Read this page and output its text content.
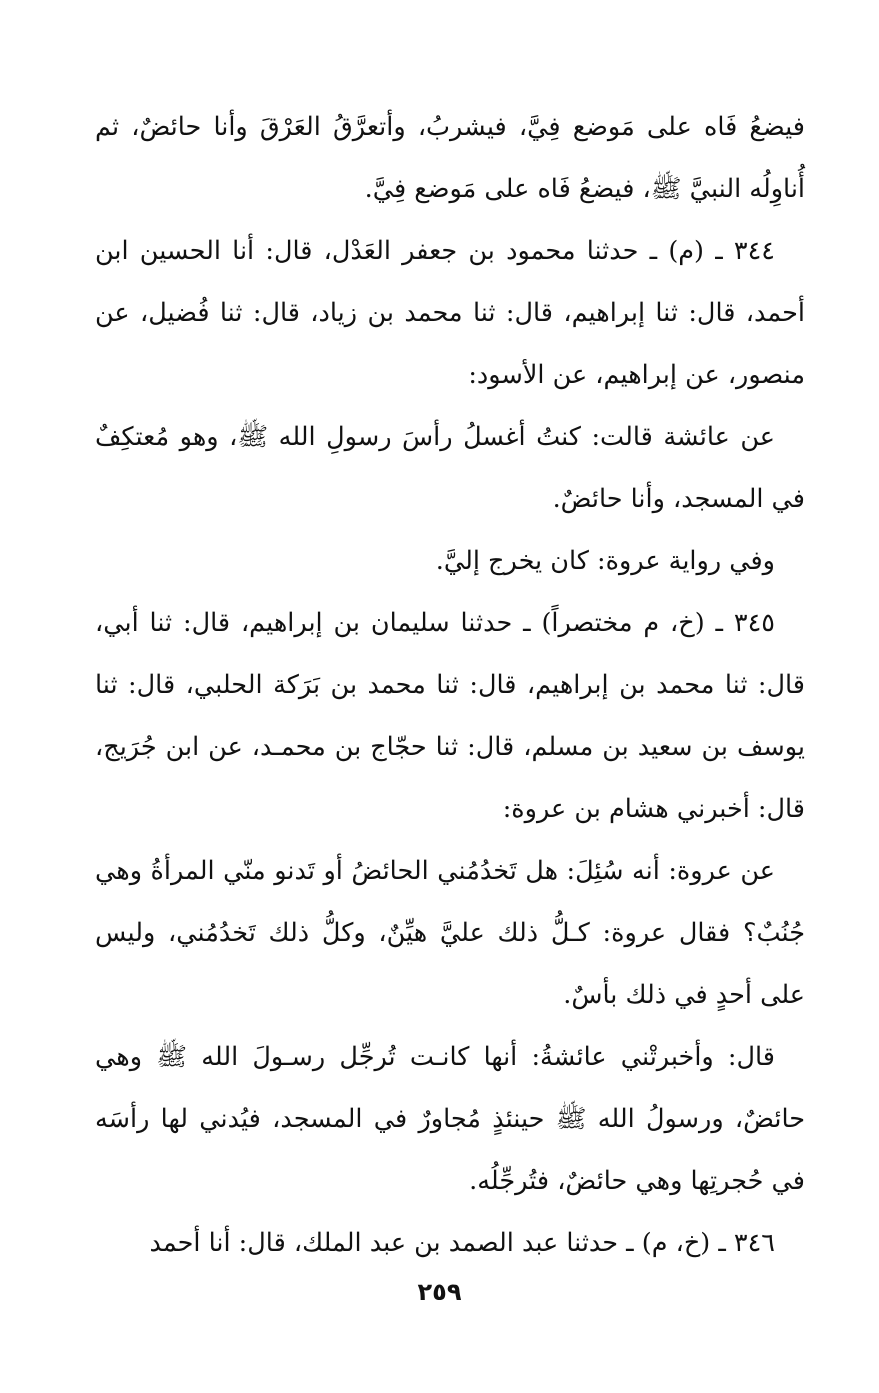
فيضعُ فَاه على مَوضع فِيَّ، فيشربُ، وأتعرَّقُ العَرْقَ وأنا حائضٌ، ثم أُناوِلُه النبيَّ ﷺ، فيضعُ فَاه على مَوضع فِيَّ.

٣٤٤ ـ (م) ـ حدثنا محمود بن جعفر العَدْل، قال: أنا الحسين ابن أحمد، قال: ثنا إبراهيم، قال: ثنا محمد بن زياد، قال: ثنا فُضيل، عن منصور، عن إبراهيم، عن الأسود:

عن عائشة قالت: كنتُ أغسلُ رأسَ رسولِ الله ﷺ، وهو مُعتكِفٌ في المسجد، وأنا حائضٌ.

وفي رواية عروة: كان يخرج إليَّ.

٣٤٥ ـ (خ، م مختصراً) ـ حدثنا سليمان بن إبراهيم، قال: ثنا أبي، قال: ثنا محمد بن إبراهيم، قال: ثنا محمد بن بَرَكة الحلبي، قال: ثنا يوسف بن سعيد بن مسلم، قال: ثنا حجّاج بن محمـد، عن ابن جُرَيج، قال: أخبرني هشام بن عروة:

عن عروة: أنه سُئِلَ: هل تَخدُمُني الحائضُ أو تَدنو منّي المرأةُ وهي جُنُبٌ؟ فقال عروة: كـلُّ ذلك عليَّ هيِّنٌ، وكلُّ ذلك تَخدُمُني، وليس على أحدٍ في ذلك بأسٌ.

قال: وأخبرتْني عائشةُ: أنها كانـت تُرجِّل رسـولَ الله ﷺ وهي حائضٌ، ورسولُ الله ﷺ حينئذٍ مُجاورٌ في المسجد، فيُدني لها رأسَه في حُجرتِها وهي حائضٌ، فتُرجِّلُه.

٣٤٦ ـ (خ، م) ـ حدثنا عبد الصمد بن عبد الملك، قال: أنا أحمد

٢٥٩
